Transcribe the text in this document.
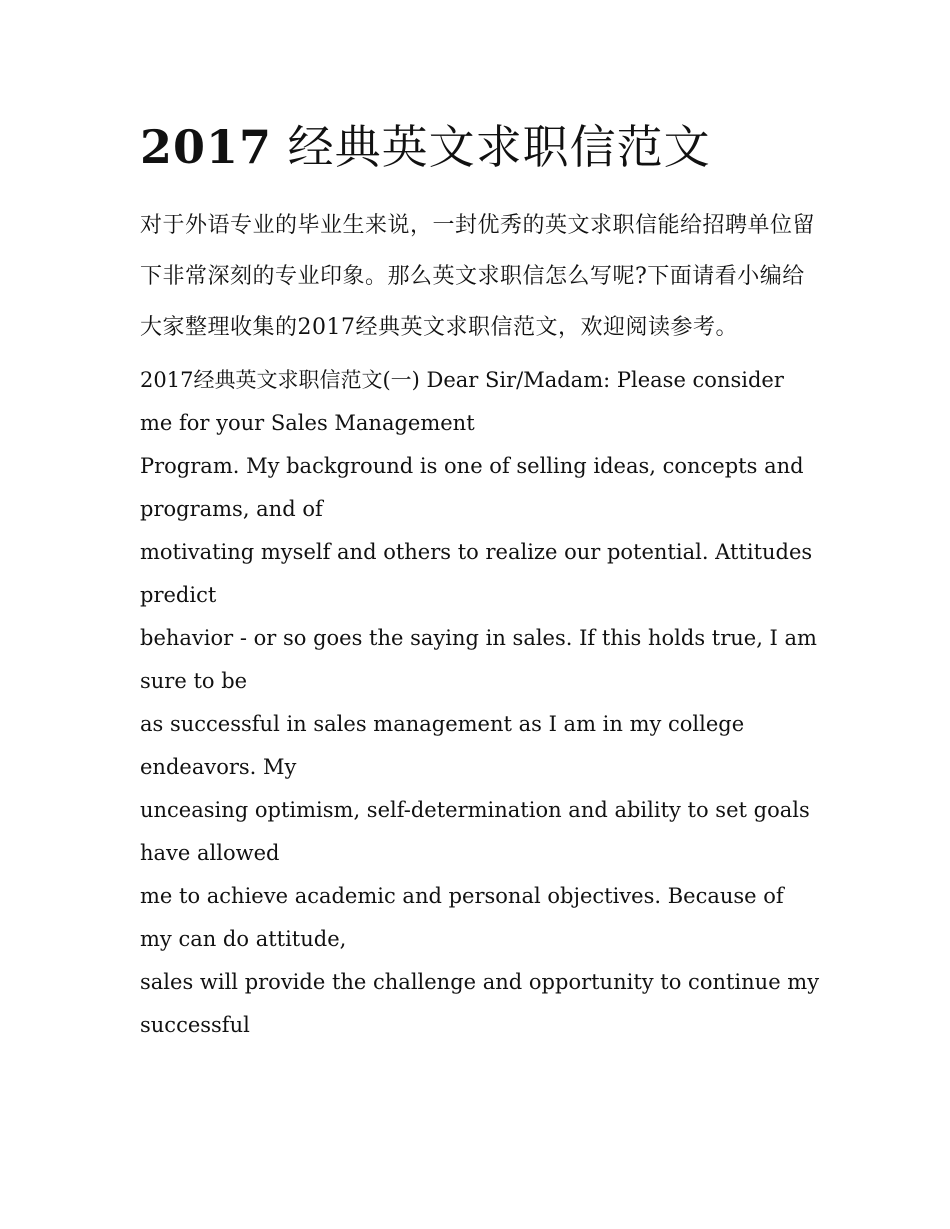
2017 经典英文求职信范文

对于外语专业的毕业生来说，一封优秀的英文求职信能给招聘单位留下非常深刻的专业印象。那么英文求职信怎么写呢?下面请看小编给大家整理收集的2017经典英文求职信范文，欢迎阅读参考。

2017经典英文求职信范文(一) Dear Sir/Madam: Please consider me for your Sales Management
Program. My background is one of selling ideas, concepts and programs, and of
motivating myself and others to realize our potential. Attitudes predict
behavior - or so goes the saying in sales. If this holds true, I am sure to be
as successful in sales management as I am in my college endeavors. My
unceasing optimism, self-determination and ability to set goals have allowed
me to achieve academic and personal objectives. Because of my can do attitude,
sales will provide the challenge and opportunity to continue my successful
